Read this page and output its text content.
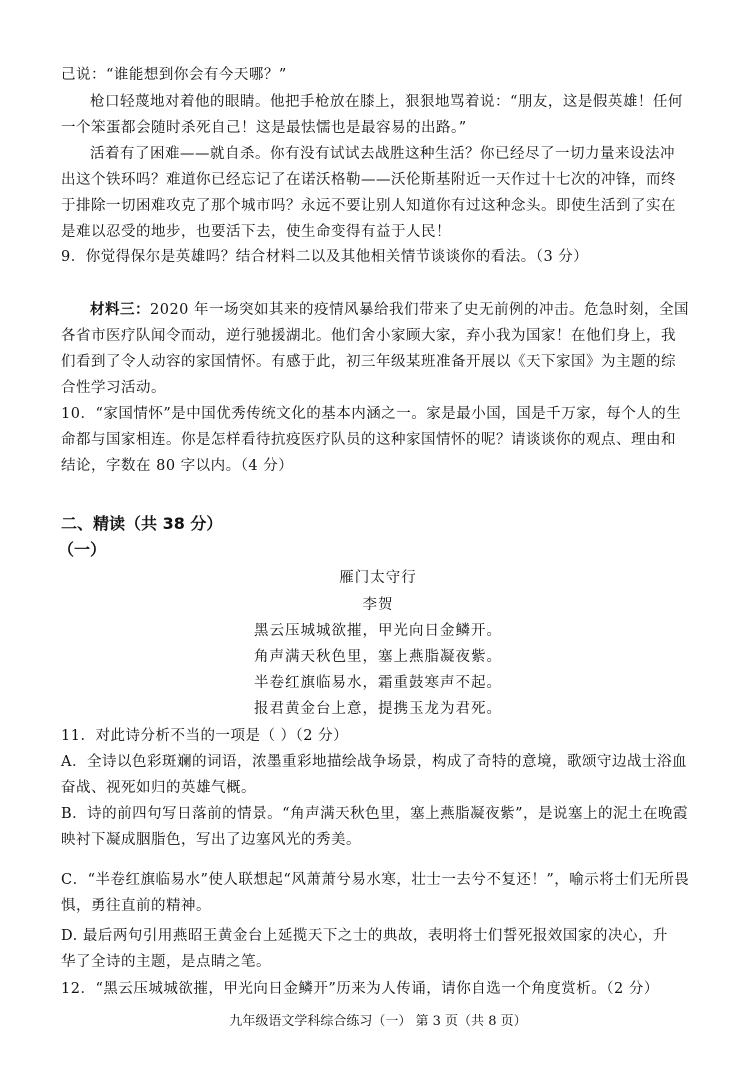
己说：“谁能想到你会有今天哪？”
枪口轻蔑地对着他的眼睛。他把手枪放在膝上，狠狠地骂着说：“朋友，这是假英雄！任何
一个笨蛋都会随时杀死自己！这是最怯懦也是最容易的出路。”
活着有了困难——就自杀。你有没有试试去战胜这种生活？你已经尽了一切力量来设法冲
出这个铁环吗？难道你已经忘记了在诺沃格勒——沃伦斯基附近一天作过十七次的冲锋，而终
于排除一切困难攻克了那个城市吗？永远不要让别人知道你有过这种念头。即使生活到了实在
是难以忍受的地步，也要活下去，使生命变得有益于人民！
9．你觉得保尔是英雄吗？结合材料二以及其他相关情节谈谈你的看法。（3 分）
材料三：2020 年一场突如其来的疫情风暴给我们带来了史无前例的冲击。危急时刻，全国
各省市医疗队闻令而动，逆行驰援湖北。他们舍小家顾大家，弃小我为国家！在他们身上，我
们看到了令人动容的家国情怀。有感于此，初三年级某班准备开展以《天下家国》为主题的综
合性学习活动。
10．“家国情怀”是中国优秀传统文化的基本内涵之一。家是最小国，国是千万家，每个人的生
命都与国家相连。你是怎样看待抗疫医疗队员的这种家国情怀的呢？请谈谈你的观点、理由和
结论，字数在 80 字以内。（4 分）
二、精读（共 38 分）
（一）
雁门太守行
李贺
黑云压城城欲摧，甲光向日金鳞开。
角声满天秋色里，塞上燕脂凝夜紫。
半卷红旗临易水，霜重鼓寒声不起。
报君黄金台上意，提携玉龙为君死。
11．对此诗分析不当的一项是（ ）（2 分）
A．全诗以色彩斑斓的词语，浓墨重彩地描绘战争场景，构成了奇特的意境，歌颂守边战士浴血
奋战、视死如归的英雄气概。
B．诗的前四句写日落前的情景。“角声满天秋色里，塞上燕脂凝夜紫”，是说塞上的泥土在晚霞
映衬下凝成胭脂色，写出了边塞风光的秀美。
C．“半卷红旗临易水”使人联想起“风萧萧兮易水寒，壮士一去兮不复还！”，喻示将士们无所畏
惧，勇往直前的精神。
D. 最后两句引用燕昭王黄金台上延揽天下之士的典故，表明将士们誓死报效国家的决心，升
华了全诗的主题，是点睛之笔。
12．“黑云压城城欲摧，甲光向日金鳞开”历来为人传诵，请你自选一个角度赏析。（2 分）
九年级语文学科综合练习（一） 第 3 页（共 8 页）
